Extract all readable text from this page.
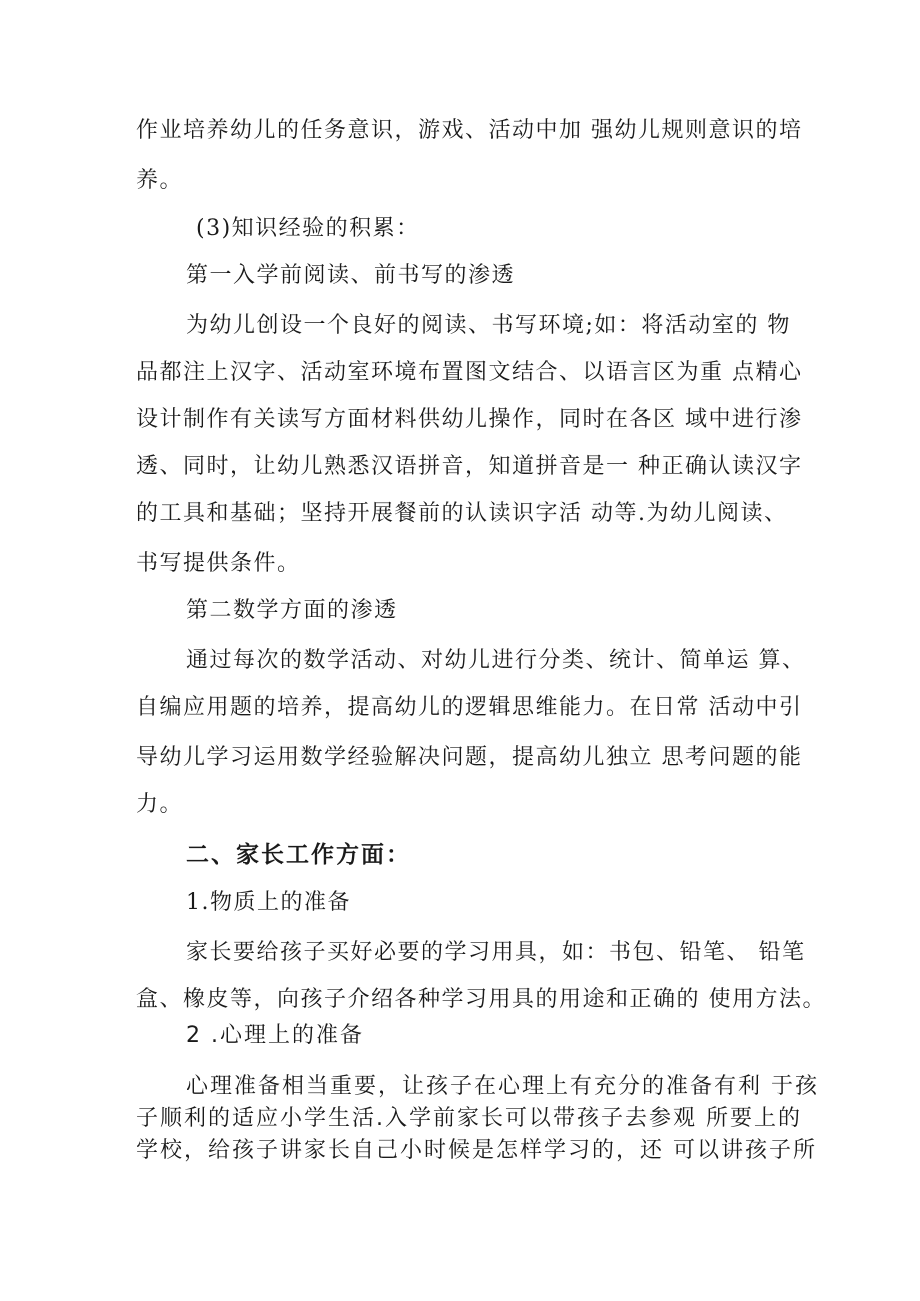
作业培养幼儿的任务意识，游戏、活动中加 强幼儿规则意识的培
养。
(3)知识经验的积累：
第一入学前阅读、前书写的渗透
为幼儿创设一个良好的阅读、书写环境;如：将活动室的 物
品都注上汉字、活动室环境布置图文结合、以语言区为重 点精心
设计制作有关读写方面材料供幼儿操作，同时在各区 域中进行渗
透、同时，让幼儿熟悉汉语拼音，知道拼音是一 种正确认读汉字
的工具和基础；坚持开展餐前的认读识字活 动等.为幼儿阅读、
书写提供条件。
第二数学方面的渗透
通过每次的数学活动、对幼儿进行分类、统计、简单运 算、
自编应用题的培养，提高幼儿的逻辑思维能力。在日常 活动中引
导幼儿学习运用数学经验解决问题，提高幼儿独立 思考问题的能
力。
二、家长工作方面：
1.物质上的准备
家长要给孩子买好必要的学习用具，如：书包、铅笔、 铅笔
盒、橡皮等，向孩子介绍各种学习用具的用途和正确的 使用方法。
2 .心理上的准备
心理准备相当重要，让孩子在心理上有充分的准备有利 于孩
子顺利的适应小学生活.入学前家长可以带孩子去参观 所要上的
学校，给孩子讲家长自己小时候是怎样学习的，还 可以讲孩子所
